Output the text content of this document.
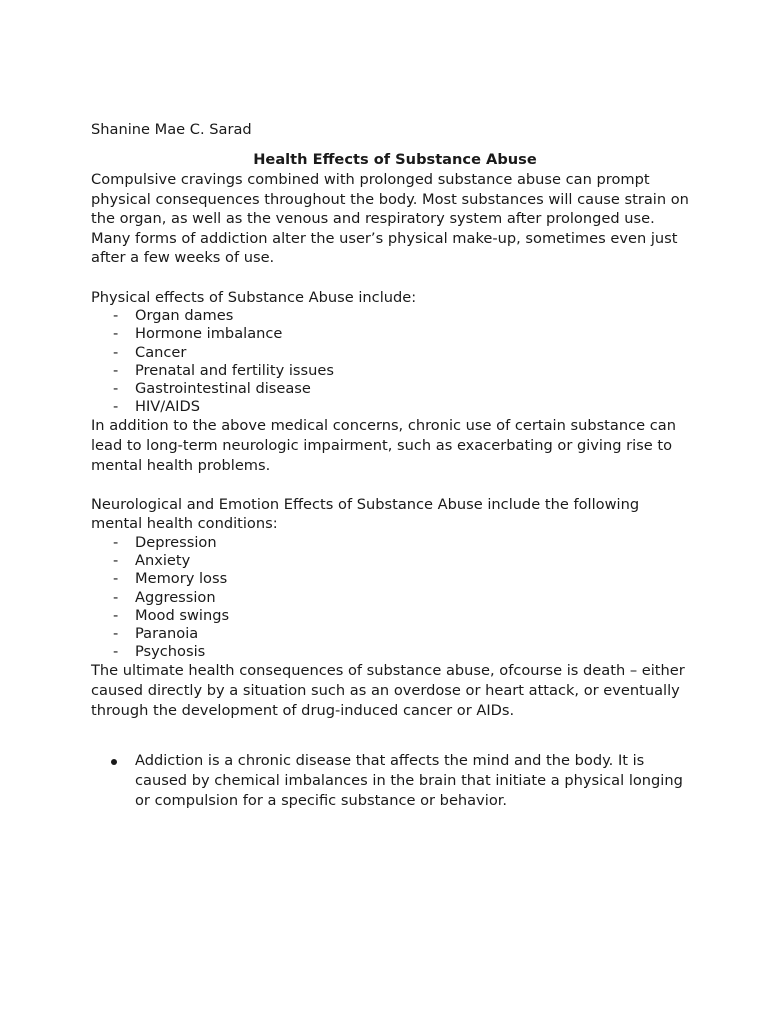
Shanine Mae C. Sarad

Health Effects of Substance Abuse

Compulsive cravings combined with prolonged substance abuse can prompt physical consequences throughout the body. Most substances will cause strain on the organ, as well as the venous and respiratory system after prolonged use. Many forms of addiction alter the user’s physical make-up, sometimes even just after a few weeks of use.

Physical effects of Substance Abuse include:

- Organ dames
- Hormone imbalance
- Cancer
- Prenatal and fertility issues
- Gastrointestinal disease
- HIV/AIDS

In addition to the above medical concerns, chronic use of certain substance can lead to long-term neurologic impairment, such as exacerbating or giving rise to mental health problems.

Neurological and Emotion Effects of Substance Abuse include the following mental health conditions:

- Depression
- Anxiety
- Memory loss
- Aggression
- Mood swings
- Paranoia
- Psychosis

The ultimate health consequences of substance abuse, ofcourse is death – either caused directly by a situation such as an overdose or heart attack, or eventually through the development of drug-induced cancer or AIDs.

Addiction is a chronic disease that affects the mind and the body. It is caused by chemical imbalances in the brain that initiate a physical longing or compulsion for a specific substance or behavior.
